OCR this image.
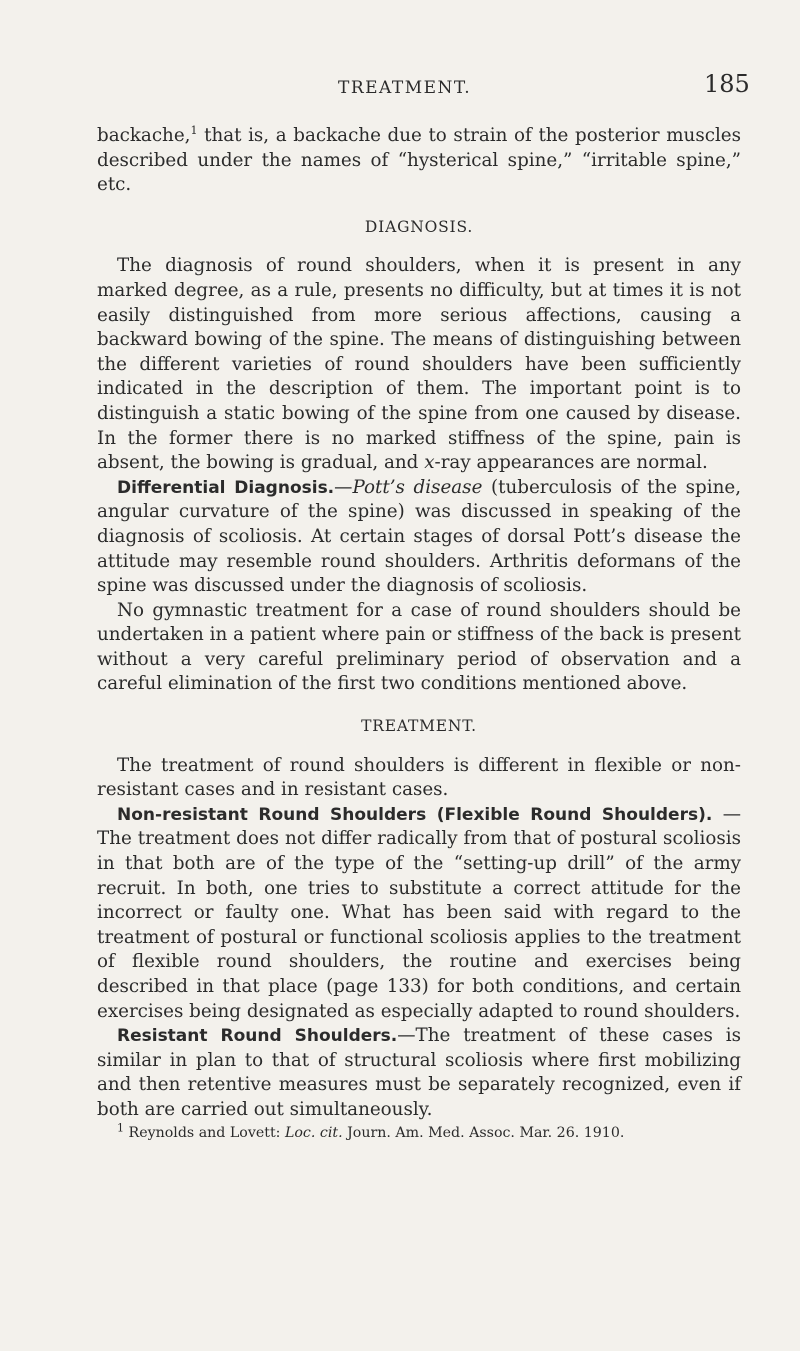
TREATMENT.	185

backache,$^1$ that is, a backache due to strain of the posterior muscles described under the names of “hysterical spine,” “irritable spine,” etc.

DIAGNOSIS.

The diagnosis of round shoulders, when it is present in any marked degree, as a rule, presents no difficulty, but at times it is not easily distinguished from more serious affections, causing a backward bowing of the spine. The means of distinguishing between the different varieties of round shoulders have been sufficiently indicated in the description of them. The important point is to distinguish a static bowing of the spine from one caused by disease. In the former there is no marked stiffness of the spine, pain is absent, the bowing is gradual, and x-ray appearances are normal.

Differential Diagnosis.—Pott’s disease (tuberculosis of the spine, angular curvature of the spine) was discussed in speaking of the diagnosis of scoliosis. At certain stages of dorsal Pott’s disease the attitude may resemble round shoulders. Arthritis deformans of the spine was discussed under the diagnosis of scoliosis.

No gymnastic treatment for a case of round shoulders should be undertaken in a patient where pain or stiffness of the back is present without a very careful preliminary period of observation and a careful elimination of the first two conditions mentioned above.

TREATMENT.

The treatment of round shoulders is different in flexible or non-resistant cases and in resistant cases.

Non-resistant Round Shoulders (Flexible Round Shoulders). —The treatment does not differ radically from that of postural scoliosis in that both are of the type of the “setting-up drill” of the army recruit. In both, one tries to substitute a correct attitude for the incorrect or faulty one. What has been said with regard to the treatment of postural or functional scoliosis applies to the treatment of flexible round shoulders, the routine and exercises being described in that place (page 133) for both conditions, and certain exercises being designated as especially adapted to round shoulders.

Resistant Round Shoulders.—The treatment of these cases is similar in plan to that of structural scoliosis where first mobilizing and then retentive measures must be separately recognized, even if both are carried out simultaneously.

$^1$ Reynolds and Lovett: Loc. cit. Journ. Am. Med. Assoc. Mar. 26. 1910.
